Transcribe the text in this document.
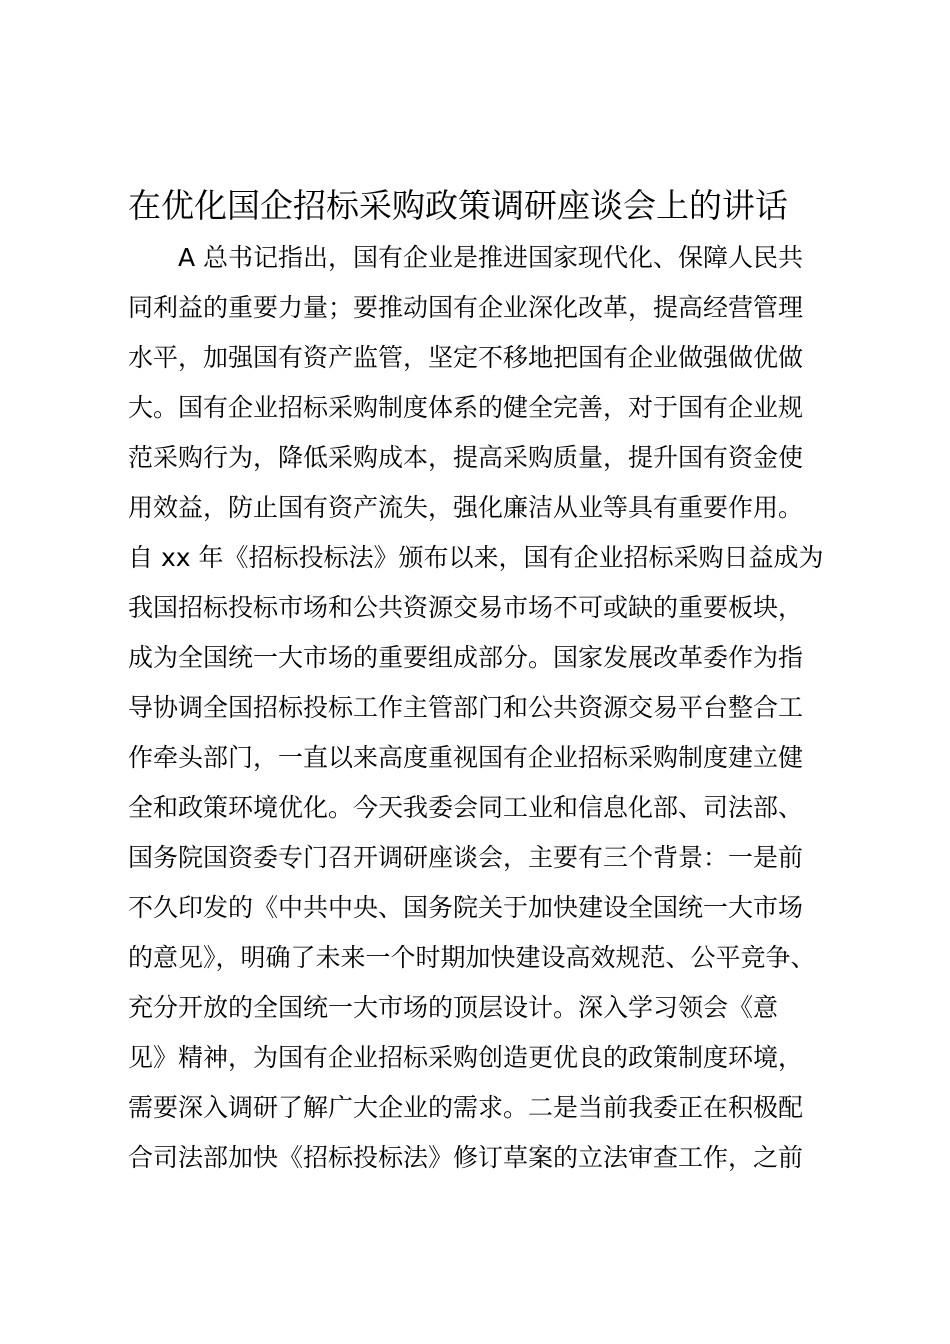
在优化国企招标采购政策调研座谈会上的讲话
A 总书记指出，国有企业是推进国家现代化、保障人民共
同利益的重要力量；要推动国有企业深化改革，提高经营管理
水平，加强国有资产监管，坚定不移地把国有企业做强做优做
大。国有企业招标采购制度体系的健全完善，对于国有企业规
范采购行为，降低采购成本，提高采购质量，提升国有资金使
用效益，防止国有资产流失，强化廉洁从业等具有重要作用。
自 xx 年《招标投标法》颁布以来，国有企业招标采购日益成为
我国招标投标市场和公共资源交易市场不可或缺的重要板块，
成为全国统一大市场的重要组成部分。国家发展改革委作为指
导协调全国招标投标工作主管部门和公共资源交易平台整合工
作牵头部门，一直以来高度重视国有企业招标采购制度建立健
全和政策环境优化。今天我委会同工业和信息化部、司法部、
国务院国资委专门召开调研座谈会，主要有三个背景：一是前
不久印发的《中共中央、国务院关于加快建设全国统一大市场
的意见》，明确了未来一个时期加快建设高效规范、公平竞争、
充分开放的全国统一大市场的顶层设计。深入学习领会《意
见》精神，为国有企业招标采购创造更优良的政策制度环境，
需要深入调研了解广大企业的需求。二是当前我委正在积极配
合司法部加快《招标投标法》修订草案的立法审查工作，之前
